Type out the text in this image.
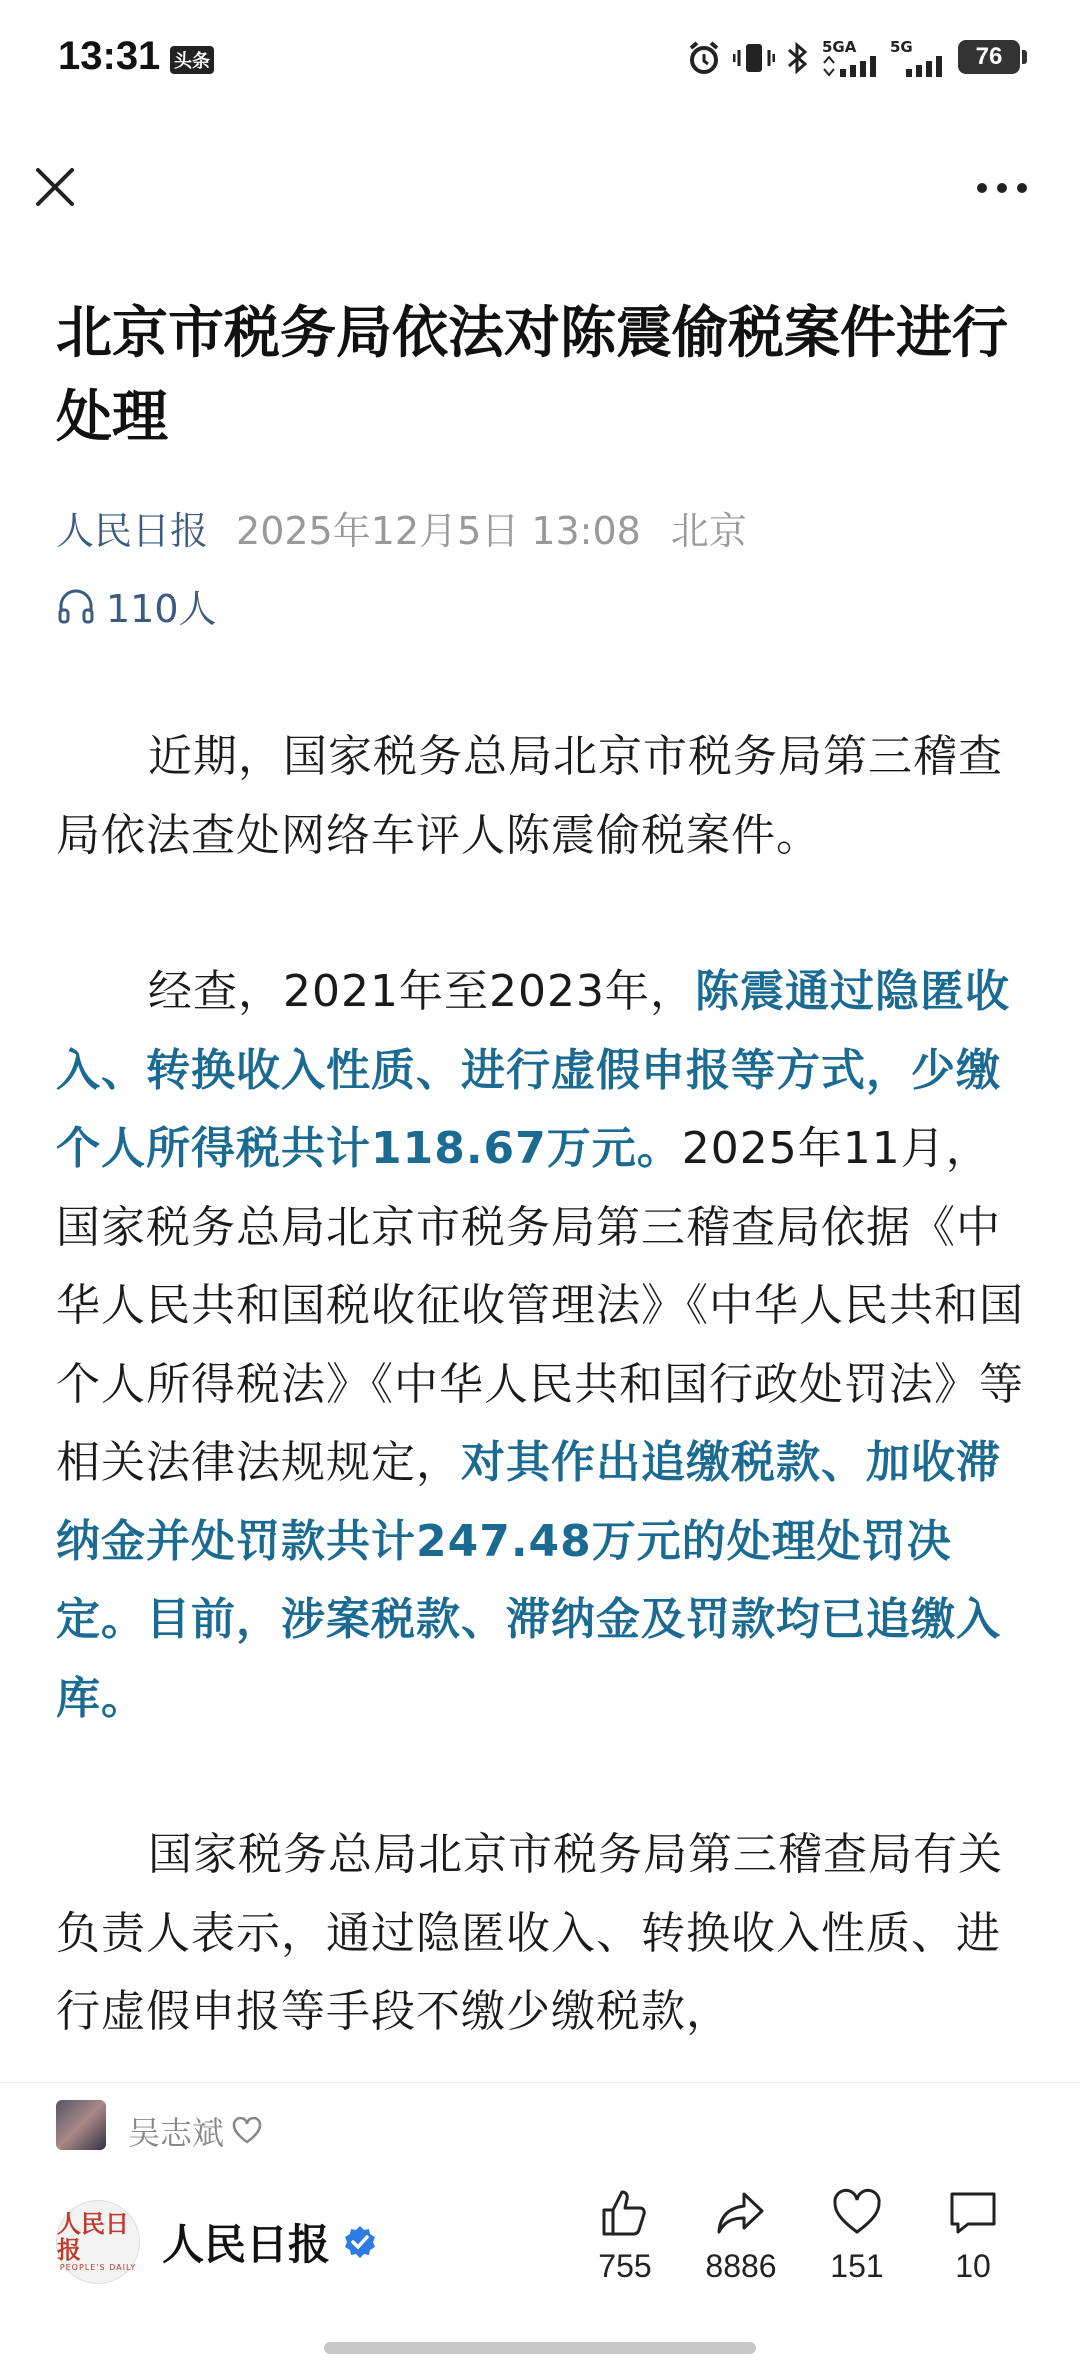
13:31 头条
5GA 5G	76
北京市税务局依法对陈震偷税案件进行处理
人民日报 2025年12月5日 13:08 北京
110人

近期，国家税务总局北京市税务局第三稽查局依法查处网络车评人陈震偷税案件。

经查，2021年至2023年，陈震通过隐匿收入、转换收入性质、进行虚假申报等方式，少缴个人所得税共计118.67万元。2025年11月，国家税务总局北京市税务局第三稽查局依据《中华人民共和国税收征收管理法》《中华人民共和国个人所得税法》《中华人民共和国行政处罚法》等相关法律法规规定，对其作出追缴税款、加收滞纳金并处罚款共计247.48万元的处理处罚决定。目前，涉案税款、滞纳金及罚款均已追缴入库。

国家税务总局北京市税务局第三稽查局有关负责人表示，通过隐匿收入、转换收入性质、进行虚假申报等手段不缴少缴税款，

吴志斌
人民日报
PEOPLE'S DAILY 人民日报	755 8886 151 10
